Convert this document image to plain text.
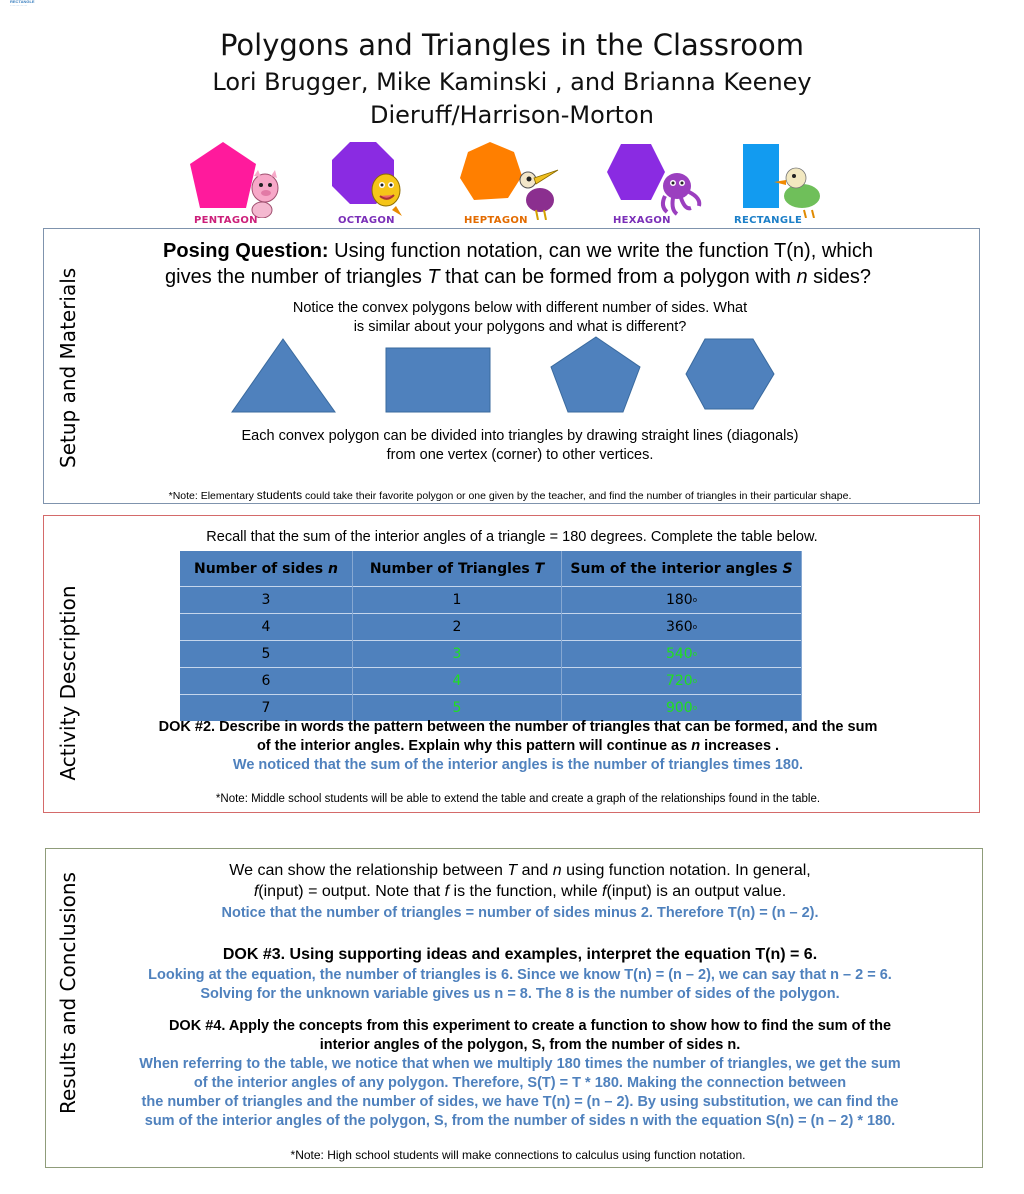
RECTANGLE
·············
Polygons and Triangles in the Classroom
Lori Brugger, Mike Kaminski , and Brianna Keeney
Dieruff/Harrison-Morton
PENTAGON	OCTAGON	HEPTAGON	HEXAGON	RECTANGLE
Setup and Materials
Posing Question: Using function notation, can we write the function T(n), which
gives the number of triangles T that can be formed from a polygon with n sides?
Notice the convex polygons below with different number of sides. What
is similar about your polygons and what is different?
Each convex polygon can be divided into triangles by drawing straight lines (diagonals)
from one vertex (corner) to other vertices.
*Note: Elementary students could take their favorite polygon or one given by the teacher, and find the number of triangles in their particular shape.
Activity Description
Recall that the sum of the interior angles of a triangle = 180 degrees. Complete the table below.
Number of sides n	Number of Triangles T	Sum of the interior angles S
3	1	180o
4	2	360o
5	3	540o
6	4	720o
7	5	900o
DOK #2. Describe in words the pattern between the number of triangles that can be formed, and the sum
of the interior angles. Explain why this pattern will continue as n increases .
We noticed that the sum of the interior angles is the number of triangles times 180.
*Note: Middle school students will be able to extend the table and create a graph of the relationships found in the table.
Results and Conclusions
We can show the relationship between T and n using function notation. In general,
f(input) = output. Note that f is the function, while f(input) is an output value.
Notice that the number of triangles = number of sides minus 2. Therefore T(n) = (n – 2).
DOK #3. Using supporting ideas and examples, interpret the equation T(n) = 6.
Looking at the equation, the number of triangles is 6. Since we know T(n) = (n – 2), we can say that n – 2 = 6.
Solving for the unknown variable gives us n = 8. The 8 is the number of sides of the polygon.
DOK #4. Apply the concepts from this experiment to create a function to show how to find the sum of the
interior angles of the polygon, S, from the number of sides n.
When referring to the table, we notice that when we multiply 180 times the number of triangles, we get the sum
of the interior angles of any polygon. Therefore, S(T) = T * 180. Making the connection between
the number of triangles and the number of sides, we have T(n) = (n – 2). By using substitution, we can find the
sum of the interior angles of the polygon, S, from the number of sides n with the equation S(n) = (n – 2) * 180.
*Note: High school students will make connections to calculus using function notation.
